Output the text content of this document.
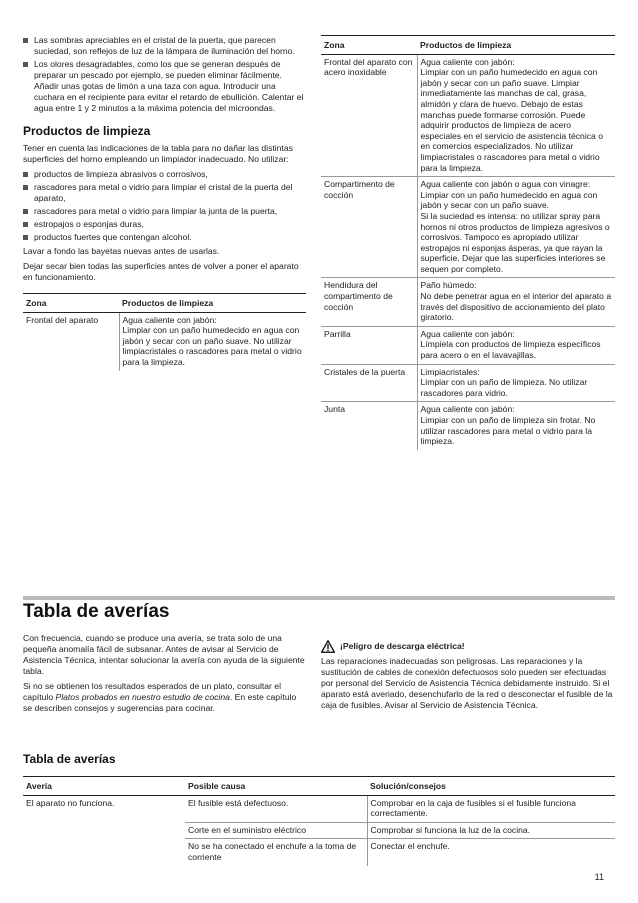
Las sombras apreciables en el cristal de la puerta, que parecen suciedad, son reflejos de luz de la lámpara de iluminación del horno.
Los olores desagradables, como los que se generan después de preparar un pescado por ejemplo, se pueden eliminar fácilmente. Añadir unas gotas de limón a una taza con agua. Introducir una cuchara en el recipiente para evitar el retardo de ebullición. Calentar el agua entre 1 y 2 minutos a la máxima potencia del microondas.
Productos de limpieza

Tener en cuenta las indicaciones de la tabla para no dañar las distintas superficies del horno empleando un limpiador inadecuado. No utilizar:

productos de limpieza abrasivos o corrosivos,
rascadores para metal o vidrio para limpiar el cristal de la puerta del aparato,
rascadores para metal o vidrio para limpiar la junta de la puerta,
estropajos o esponjas duras,
productos fuertes que contengan alcohol.

Lavar a fondo las bayetas nuevas antes de usarlas.

Dejar secar bien todas las superficies antes de volver a poner el aparato en funcionamiento.

Zona	Productos de limpieza
Frontal del aparato	Agua caliente con jabón:
Limpiar con un paño humedecido en agua con jabón y secar con un paño suave. No utilizar limpiacristales o rascadores para metal o vidrio para la limpieza.
Zona	Productos de limpieza
Frontal del aparato con acero inoxidable	Agua caliente con jabón:
Limpiar con un paño humedecido en agua con jabón y secar con un paño suave. Limpiar inmediatamente las manchas de cal, grasa, almidón y clara de huevo. Debajo de estas manchas puede formarse corrosión. Puede adquirir productos de limpieza de acero especiales en el servicio de asistencia técnica o en comercios especializados. No utilizar limpiacristales o rascadores para metal o vidrio para la limpieza.
Compartimento de cocción	Agua caliente con jabón o agua con vinagre:
Limpiar con un paño humedecido en agua con jabón y secar con un paño suave.
Si la suciedad es intensa: no utilizar spray para hornos ni otros productos de limpieza agresivos o corrosivos. Tampoco es apropiado utilizar estropajos ni esponjas ásperas, ya que rayan la superficie. Dejar que las superficies interiores se sequen por completo.
Hendidura del compartimento de cocción	Paño húmedo:
No debe penetrar agua en el interior del aparato a través del dispositivo de accionamiento del plato giratorio.
Parrilla	Agua caliente con jabón:
Límpiela con productos de limpieza específicos para acero o en el lavavajillas.
Cristales de la puerta	Limpiacristales:
Limpiar con un paño de limpieza. No utilizar rascadores para vidrio.
Junta	Agua caliente con jabón:
Limpiar con un paño de limpieza sin frotar. No utilizar rascadores para metal o vidrio para la limpieza.
Tabla de averías

Con frecuencia, cuando se produce una avería, se trata solo de una pequeña anomalía fácil de subsanar. Antes de avisar al Servicio de Asistencia Técnica, intentar solucionar la avería con ayuda de la siguiente tabla.

Si no se obtienen los resultados esperados de un plato, consultar el capítulo Platos probados en nuestro estudio de cocina. En este capítulo se describen consejos y sugerencias para cocinar.

¡Peligro de descarga eléctrica!

Las reparaciones inadecuadas son peligrosas. Las reparaciones y la sustitución de cables de conexión defectuosos solo pueden ser efectuadas por personal del Servicio de Asistencia Técnica debidamente instruido. Si el aparato está averiado, desenchufarlo de la red o desconectar el fusible de la caja de fusibles. Avisar al Servicio de Asistencia Técnica.

Tabla de averías
Avería	Posible causa	Solución/consejos
El aparato no funciona.	El fusible está defectuoso.	Comprobar en la caja de fusibles si el fusible funciona correctamente.
	Corte en el suministro eléctrico	Comprobar si funciona la luz de la cocina.
	No se ha conectado el enchufe a la toma de corriente	Conectar el enchufe.
11
